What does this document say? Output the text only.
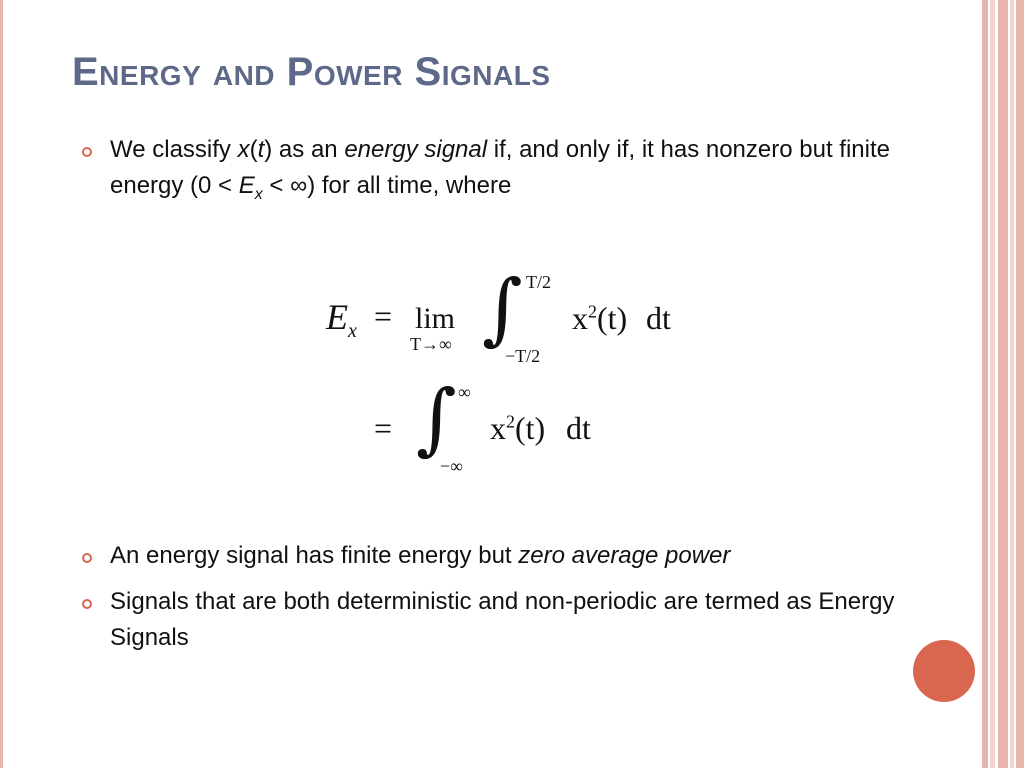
Energy and Power Signals
We classify x(t) as an energy signal if, and only if, it has nonzero but finite energy ($0 < E_x$ < ∞) for all time, where
$E_x = \lim$
T→∞ ∫ T/2
−T/2
$x^2(t)$ dt
= ∫ ∞
−∞
$x^2(t)$ dt
An energy signal has finite energy but zero average power
Signals that are both deterministic and non-periodic are termed as Energy Signals
